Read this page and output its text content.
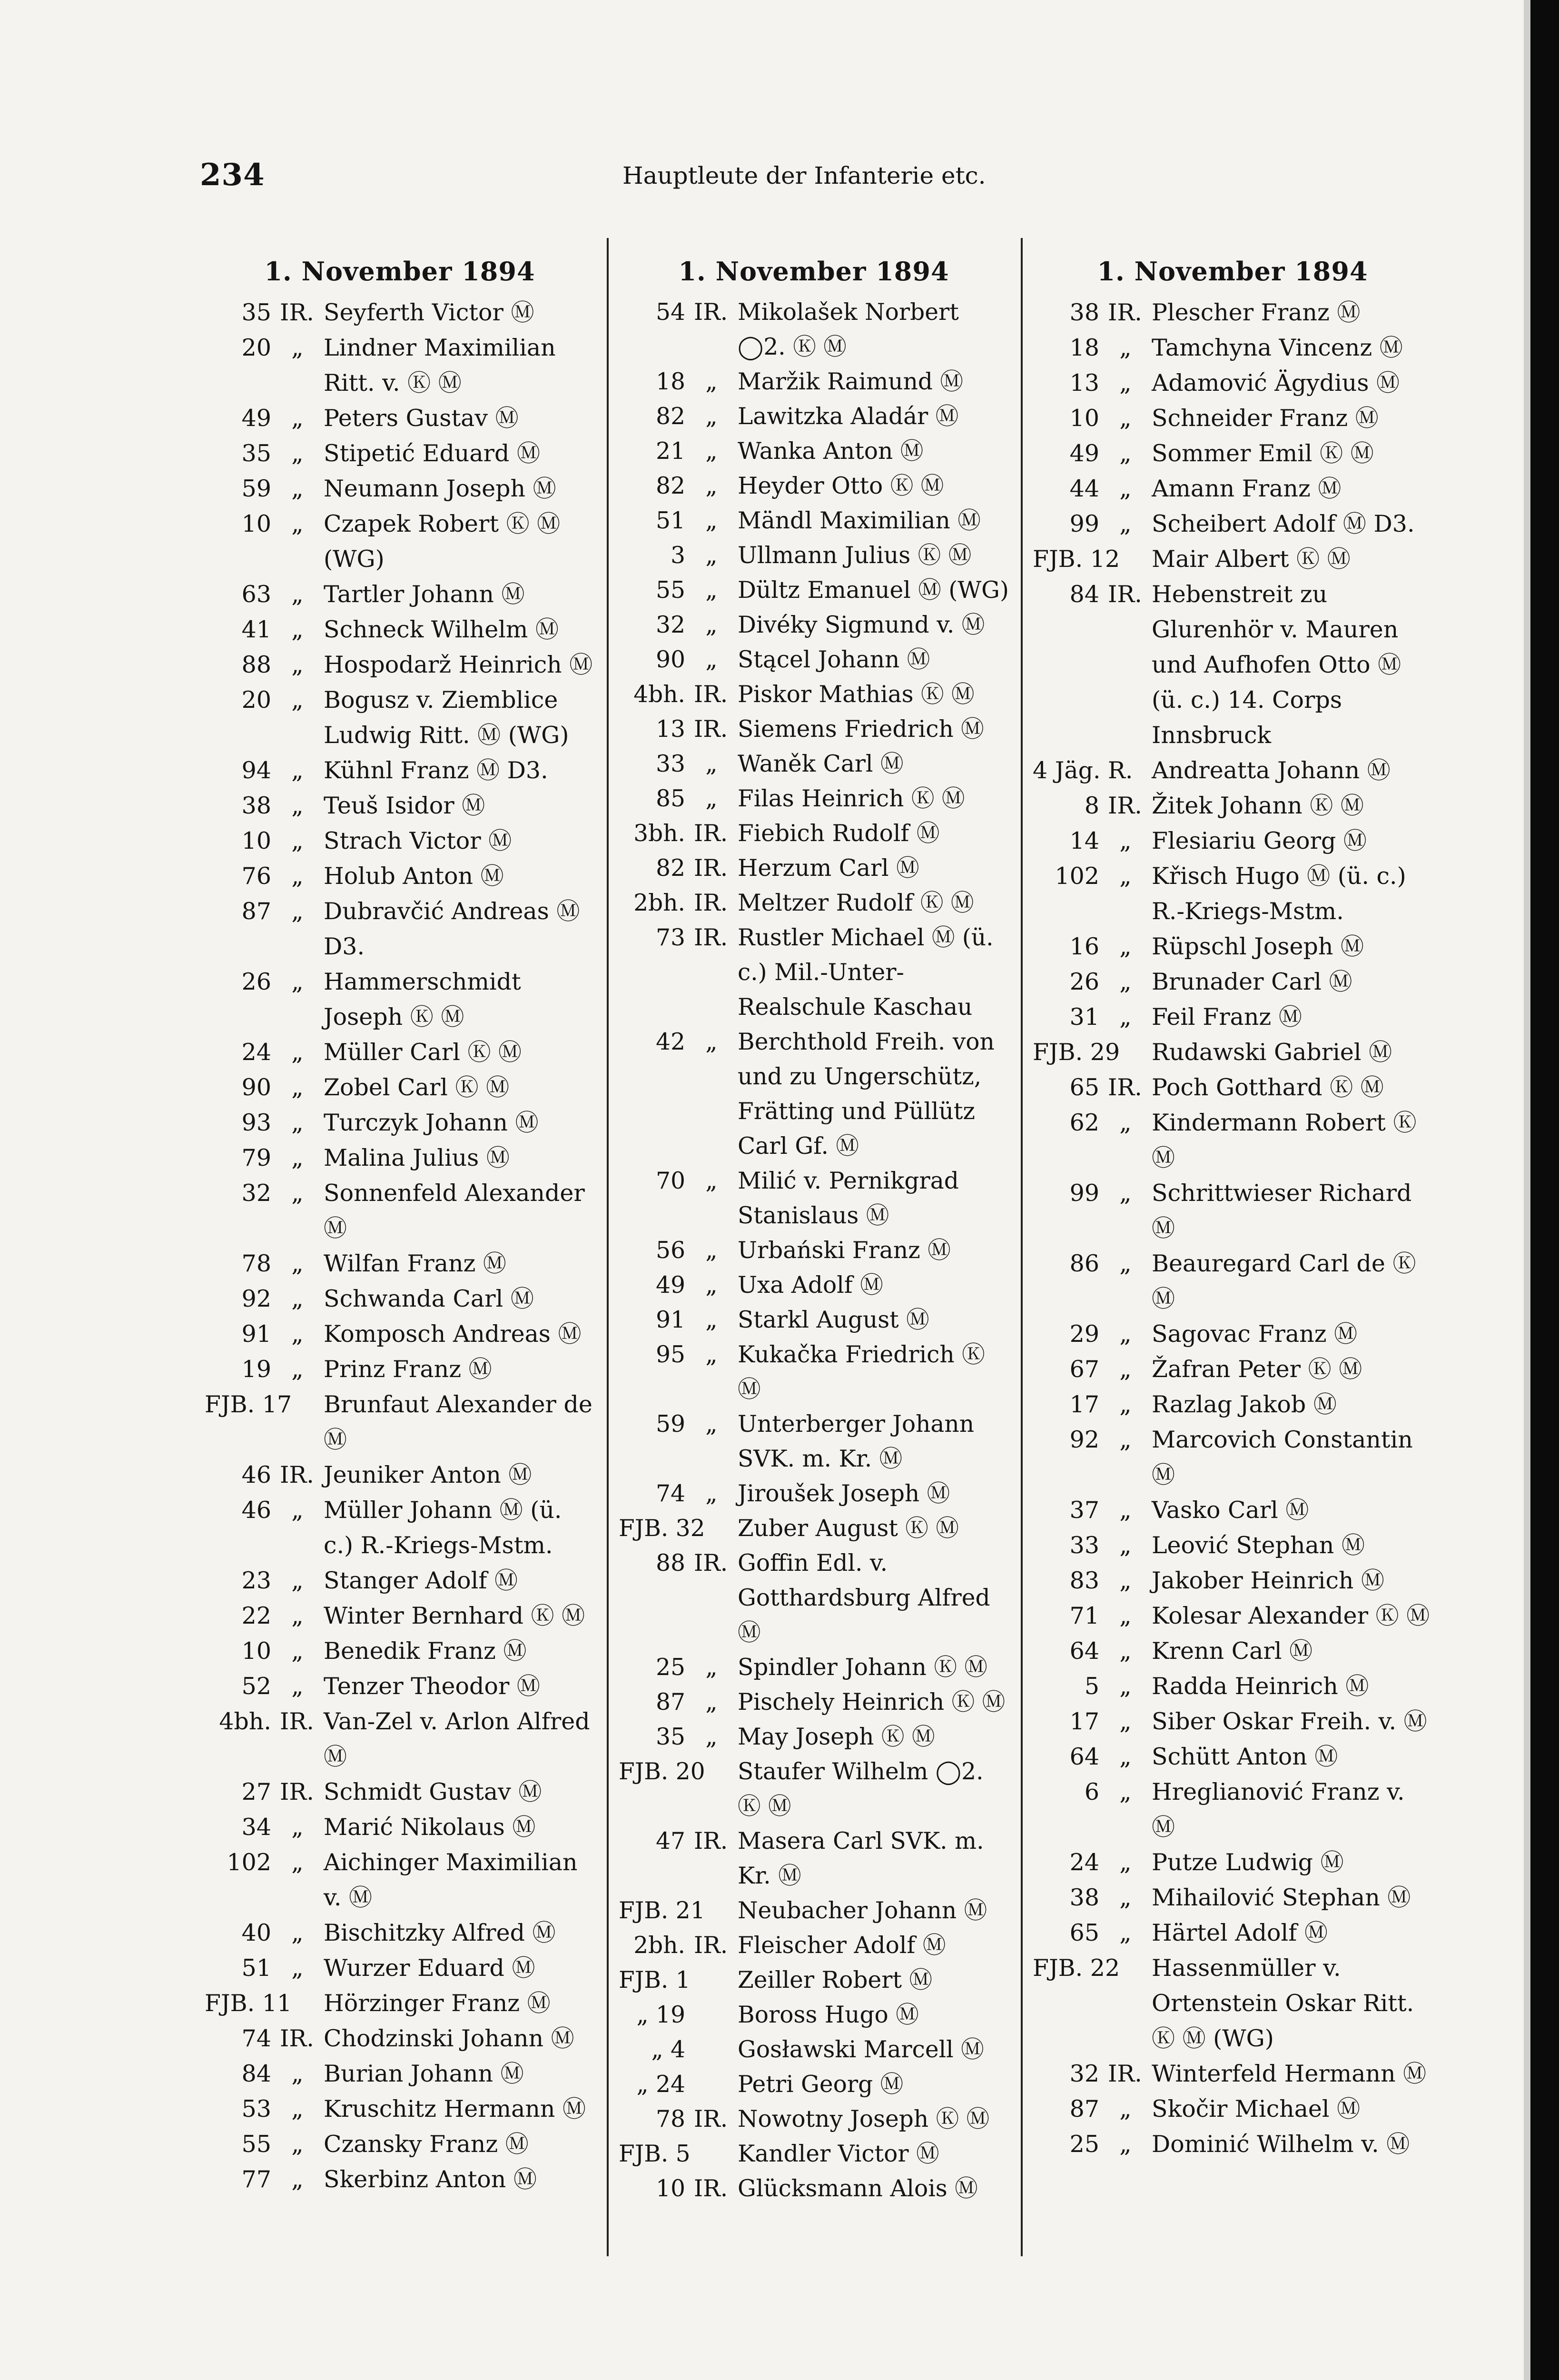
234	Hauptleute der Infanterie etc.
1. November 1894
35 IR. Seyferth Victor Ⓜ
20 „ Lindner Maximilian Ritt. v. Ⓚ Ⓜ
49 „ Peters Gustav Ⓜ
35 „ Stipetić Eduard Ⓜ
59 „ Neumann Joseph Ⓜ
10 „ Czapek Robert Ⓚ Ⓜ (WG)
63 „ Tartler Johann Ⓜ
41 „ Schneck Wilhelm Ⓜ
88 „ Hospodarž Heinrich Ⓜ
20 „ Bogusz v. Ziemblice Ludwig Ritt. Ⓜ (WG)
94 „ Kühnl Franz Ⓜ D3.
38 „ Teuš Isidor Ⓜ
10 „ Strach Victor Ⓜ
76 „ Holub Anton Ⓜ
87 „ Dubravčić Andreas Ⓜ D3.
26 „ Hammerschmidt Joseph Ⓚ Ⓜ
24 „ Müller Carl Ⓚ Ⓜ
90 „ Zobel Carl Ⓚ Ⓜ
93 „ Turczyk Johann Ⓜ
79 „ Malina Julius Ⓜ
32 „ Sonnenfeld Alexander Ⓜ
78 „ Wilfan Franz Ⓜ
92 „ Schwanda Carl Ⓜ
91 „ Komposch Andreas Ⓜ
19 „ Prinz Franz Ⓜ
FJB. 17 Brunfaut Alexander de Ⓜ
46 IR. Jeuniker Anton Ⓜ
46 „ Müller Johann Ⓜ (ü. c.) R.-Kriegs-Mstm.
23 „ Stanger Adolf Ⓜ
22 „ Winter Bernhard Ⓚ Ⓜ
10 „ Benedik Franz Ⓜ
52 „ Tenzer Theodor Ⓜ
4bh. IR. Van-Zel v. Arlon Alfred Ⓜ
27 IR. Schmidt Gustav Ⓜ
34 „ Marić Nikolaus Ⓜ
102 „ Aichinger Maximilian v. Ⓜ
40 „ Bischitzky Alfred Ⓜ
51 „ Wurzer Eduard Ⓜ
FJB. 11 Hörzinger Franz Ⓜ
74 IR. Chodzinski Johann Ⓜ
84 „ Burian Johann Ⓜ
53 „ Kruschitz Hermann Ⓜ
55 „ Czansky Franz Ⓜ
77 „ Skerbinz Anton Ⓜ
1. November 1894
54 IR. Mikolašek Norbert ◯2. Ⓚ Ⓜ
18 „ Maržik Raimund Ⓜ
82 „ Lawitzka Aladár Ⓜ
21 „ Wanka Anton Ⓜ
82 „ Heyder Otto Ⓚ Ⓜ
51 „ Mändl Maximilian Ⓜ
3 „ Ullmann Julius Ⓚ Ⓜ
55 „ Dültz Emanuel Ⓜ (WG)
32 „ Divéky Sigmund v. Ⓜ
90 „ Stącel Johann Ⓜ
4bh. IR. Piskor Mathias Ⓚ Ⓜ
13 IR. Siemens Friedrich Ⓜ
33 „ Waněk Carl Ⓜ
85 „ Filas Heinrich Ⓚ Ⓜ
3bh. IR. Fiebich Rudolf Ⓜ
82 IR. Herzum Carl Ⓜ
2bh. IR. Meltzer Rudolf Ⓚ Ⓜ
73 IR. Rustler Michael Ⓜ (ü. c.) Mil.-Unter-Realschule Kaschau
42 „ Berchthold Freih. von und zu Ungerschütz, Frätting und Püllütz Carl Gf. Ⓜ
70 „ Milić v. Pernikgrad Stanislaus Ⓜ
56 „ Urbański Franz Ⓜ
49 „ Uxa Adolf Ⓜ
91 „ Starkl August Ⓜ
95 „ Kukačka Friedrich Ⓚ Ⓜ
59 „ Unterberger Johann SVK. m. Kr. Ⓜ
74 „ Jiroušek Joseph Ⓜ
FJB. 32 Zuber August Ⓚ Ⓜ
88 IR. Goffin Edl. v. Gotthardsburg Alfred Ⓜ
25 „ Spindler Johann Ⓚ Ⓜ
87 „ Pischely Heinrich Ⓚ Ⓜ
35 „ May Joseph Ⓚ Ⓜ
FJB. 20 Staufer Wilhelm ◯2. Ⓚ Ⓜ
47 IR. Masera Carl SVK. m. Kr. Ⓜ
FJB. 21 Neubacher Johann Ⓜ
2bh. IR. Fleischer Adolf Ⓜ
FJB. 1 Zeiller Robert Ⓜ
„ 19 Boross Hugo Ⓜ
„ 4 Gosławski Marcell Ⓜ
„ 24 Petri Georg Ⓜ
78 IR. Nowotny Joseph Ⓚ Ⓜ
FJB. 5 Kandler Victor Ⓜ
10 IR. Glücksmann Alois Ⓜ
1. November 1894
38 IR. Plescher Franz Ⓜ
18 „ Tamchyna Vincenz Ⓜ
13 „ Adamović Ägydius Ⓜ
10 „ Schneider Franz Ⓜ
49 „ Sommer Emil Ⓚ Ⓜ
44 „ Amann Franz Ⓜ
99 „ Scheibert Adolf Ⓜ D3.
FJB. 12 Mair Albert Ⓚ Ⓜ
84 IR. Hebenstreit zu Glurenhör v. Mauren und Aufhofen Otto Ⓜ (ü. c.) 14. Corps Innsbruck
4 Jäg. R. Andreatta Johann Ⓜ
8 IR. Žitek Johann Ⓚ Ⓜ
14 „ Flesiariu Georg Ⓜ
102 „ Křisch Hugo Ⓜ (ü. c.) R.-Kriegs-Mstm.
16 „ Rüpschl Joseph Ⓜ
26 „ Brunader Carl Ⓜ
31 „ Feil Franz Ⓜ
FJB. 29 Rudawski Gabriel Ⓜ
65 IR. Poch Gotthard Ⓚ Ⓜ
62 „ Kindermann Robert Ⓚ Ⓜ
99 „ Schrittwieser Richard Ⓜ
86 „ Beauregard Carl de Ⓚ Ⓜ
29 „ Sagovac Franz Ⓜ
67 „ Žafran Peter Ⓚ Ⓜ
17 „ Razlag Jakob Ⓜ
92 „ Marcovich Constantin Ⓜ
37 „ Vasko Carl Ⓜ
33 „ Leović Stephan Ⓜ
83 „ Jakober Heinrich Ⓜ
71 „ Kolesar Alexander Ⓚ Ⓜ
64 „ Krenn Carl Ⓜ
5 „ Radda Heinrich Ⓜ
17 „ Siber Oskar Freih. v. Ⓜ
64 „ Schütt Anton Ⓜ
6 „ Hreglianović Franz v. Ⓜ
24 „ Putze Ludwig Ⓜ
38 „ Mihailović Stephan Ⓜ
65 „ Härtel Adolf Ⓜ
FJB. 22 Hassenmüller v. Ortenstein Oskar Ritt. Ⓚ Ⓜ (WG)
32 IR. Winterfeld Hermann Ⓜ
87 „ Skočir Michael Ⓜ
25 „ Dominić Wilhelm v. Ⓜ
